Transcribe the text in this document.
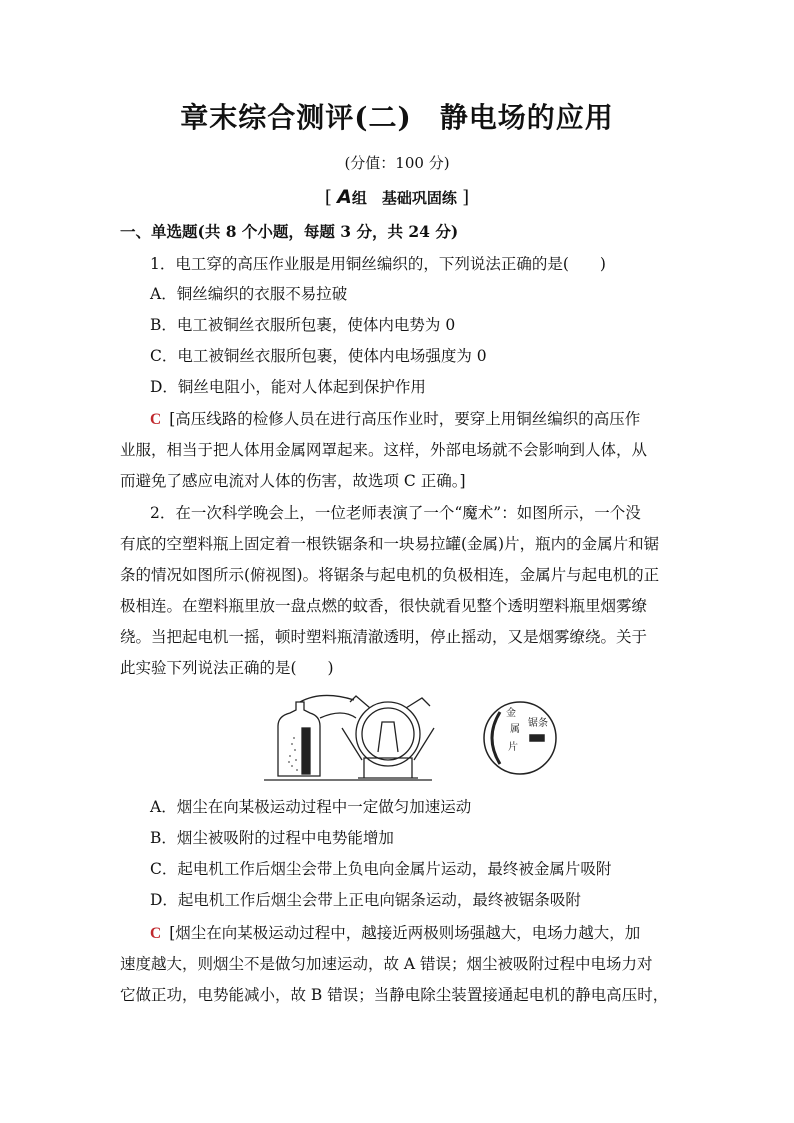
章末综合测评(二) 静电场的应用
(分值：100 分)
[ A组　基础巩固练 ]
一、单选题(共 8 个小题，每题 3 分，共 24 分)
1．电工穿的高压作业服是用铜丝编织的，下列说法正确的是(　　)
A．铜丝编织的衣服不易拉破
B．电工被铜丝衣服所包裹，使体内电势为 0
C．电工被铜丝衣服所包裹，使体内电场强度为 0
D．铜丝电阻小，能对人体起到保护作用
C [高压线路的检修人员在进行高压作业时，要穿上用铜丝编织的高压作
业服，相当于把人体用金属网罩起来。这样，外部电场就不会影响到人体，从
而避免了感应电流对人体的伤害，故选项 C 正确。]
2．在一次科学晚会上，一位老师表演了一个“魔术”：如图所示，一个没
有底的空塑料瓶上固定着一根铁锯条和一块易拉罐(金属)片，瓶内的金属片和锯
条的情况如图所示(俯视图)。将锯条与起电机的负极相连，金属片与起电机的正
极相连。在塑料瓶里放一盘点燃的蚊香，很快就看见整个透明塑料瓶里烟雾缭
绕。当把起电机一摇，顿时塑料瓶清澈透明，停止摇动，又是烟雾缭绕。关于
此实验下列说法正确的是(　　)
金
属
片
锯条
A．烟尘在向某极运动过程中一定做匀加速运动
B．烟尘被吸附的过程中电势能增加
C．起电机工作后烟尘会带上负电向金属片运动，最终被金属片吸附
D．起电机工作后烟尘会带上正电向锯条运动，最终被锯条吸附
C [烟尘在向某极运动过程中，越接近两极则场强越大，电场力越大，加
速度越大，则烟尘不是做匀加速运动，故 A 错误；烟尘被吸附过程中电场力对
它做正功，电势能减小，故 B 错误；当静电除尘装置接通起电机的静电高压时，
